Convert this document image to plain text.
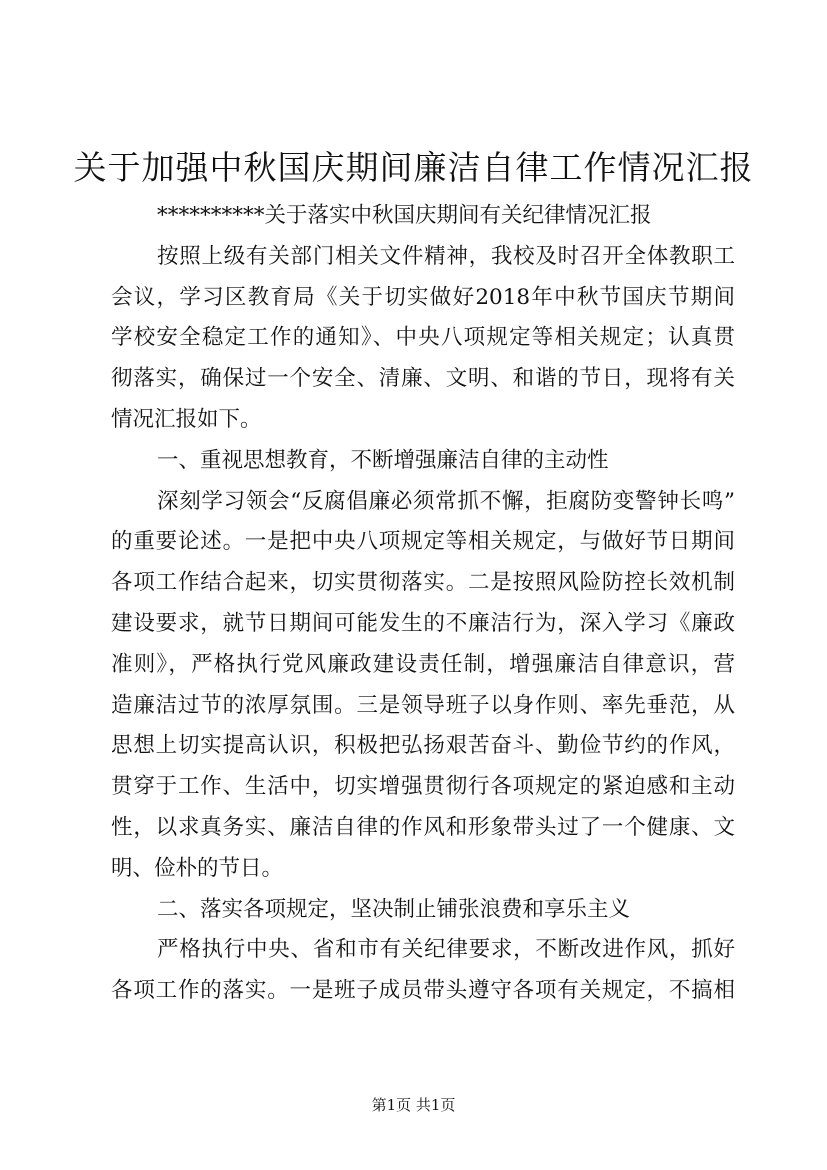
关于加强中秋国庆期间廉洁自律工作情况汇报
**********关于落实中秋国庆期间有关纪律情况汇报
按照上级有关部门相关文件精神，我校及时召开全体教职工
会议，学习区教育局《关于切实做好2018年中秋节国庆节期间
学校安全稳定工作的通知》、中央八项规定等相关规定；认真贯
彻落实，确保过一个安全、清廉、文明、和谐的节日，现将有关
情况汇报如下。
一、重视思想教育，不断增强廉洁自律的主动性
深刻学习领会“反腐倡廉必须常抓不懈，拒腐防变警钟长鸣”
的重要论述。一是把中央八项规定等相关规定，与做好节日期间
各项工作结合起来，切实贯彻落实。二是按照风险防控长效机制
建设要求，就节日期间可能发生的不廉洁行为，深入学习《廉政
准则》，严格执行党风廉政建设责任制，增强廉洁自律意识，营
造廉洁过节的浓厚氛围。三是领导班子以身作则、率先垂范，从
思想上切实提高认识，积极把弘扬艰苦奋斗、勤俭节约的作风，
贯穿于工作、生活中，切实增强贯彻行各项规定的紧迫感和主动
性，以求真务实、廉洁自律的作风和形象带头过了一个健康、文
明、俭朴的节日。
二、落实各项规定，坚决制止铺张浪费和享乐主义
严格执行中央、省和市有关纪律要求，不断改进作风，抓好
各项工作的落实。一是班子成员带头遵守各项有关规定，不搞相
第1页 共1页
